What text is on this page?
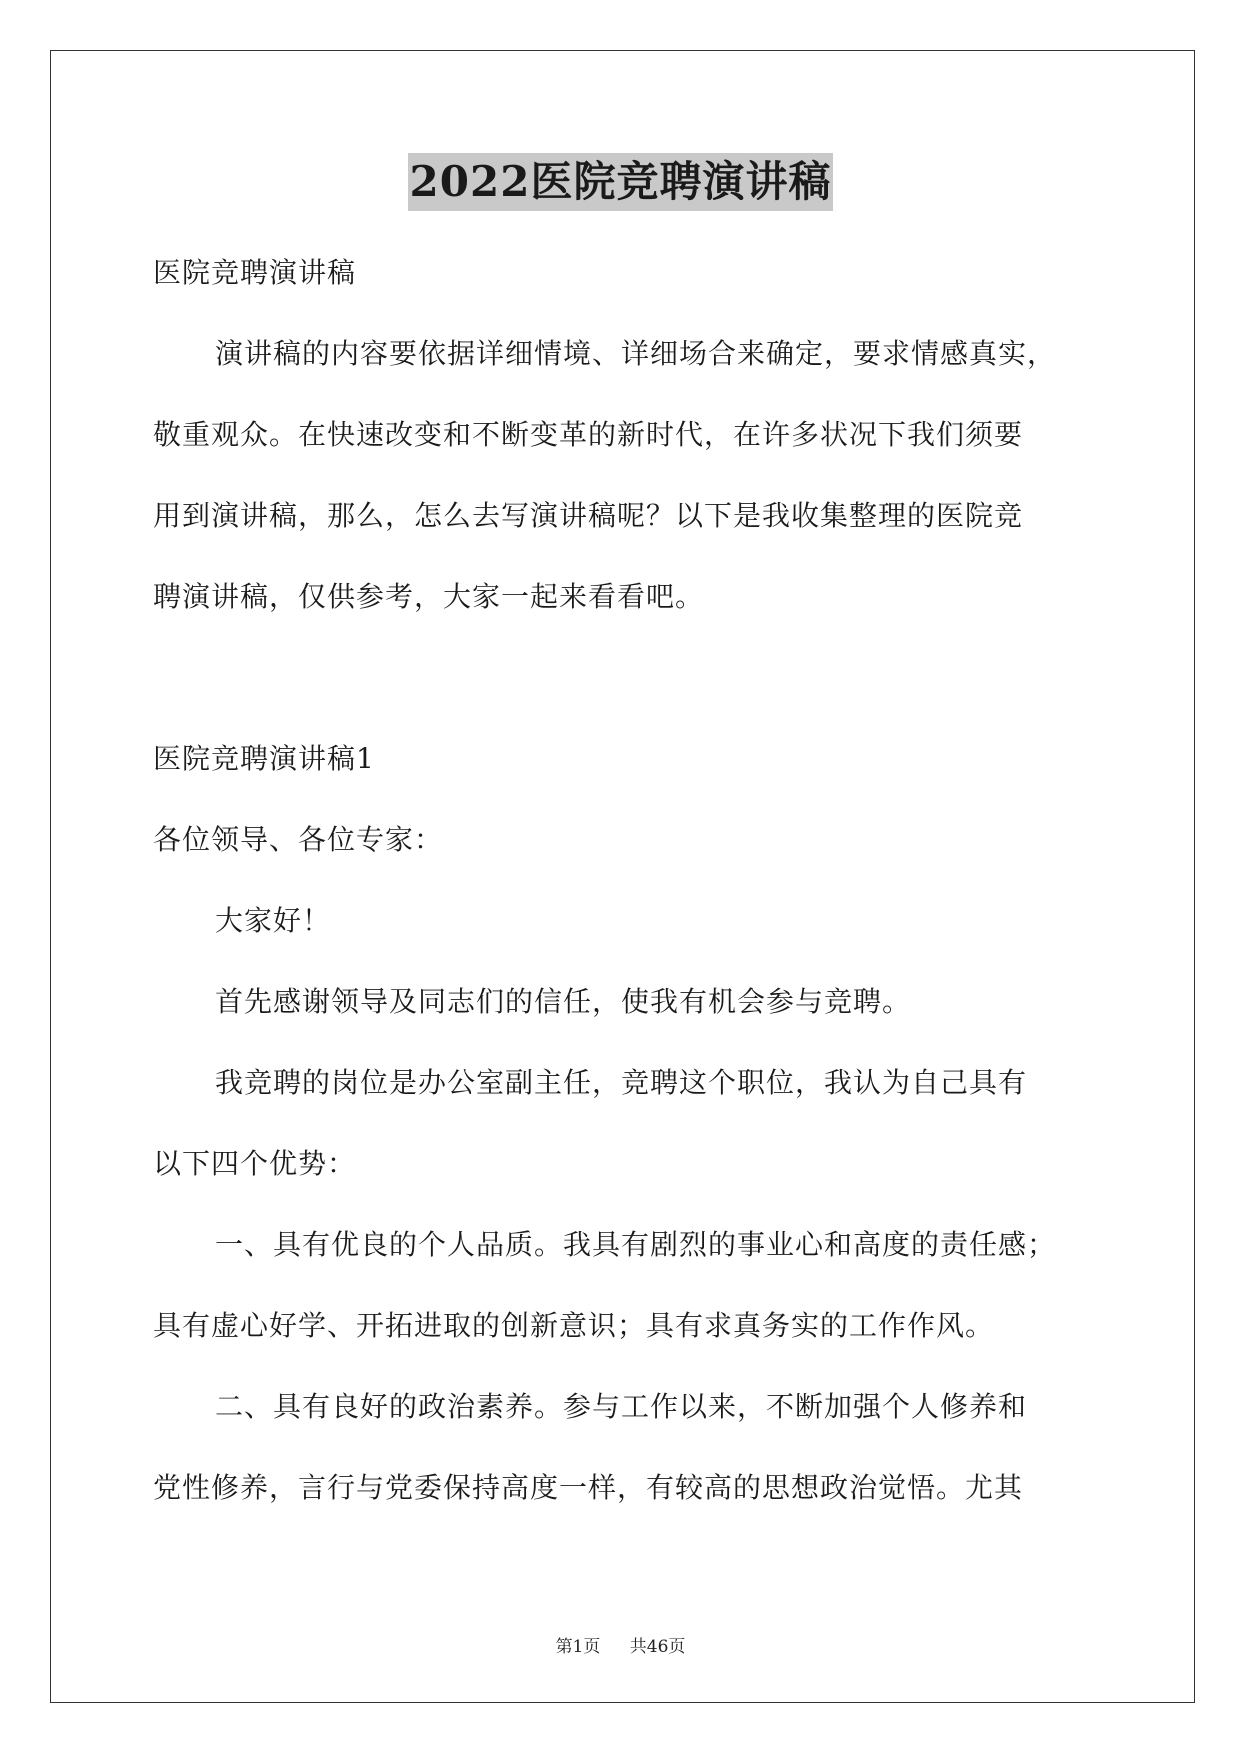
2022医院竞聘演讲稿
医院竞聘演讲稿
演讲稿的内容要依据详细情境、详细场合来确定，要求情感真实，
敬重观众。在快速改变和不断变革的新时代，在许多状况下我们须要
用到演讲稿，那么，怎么去写演讲稿呢？以下是我收集整理的医院竞
聘演讲稿，仅供参考，大家一起来看看吧。
医院竞聘演讲稿1
各位领导、各位专家：
大家好！
首先感谢领导及同志们的信任，使我有机会参与竞聘。
我竞聘的岗位是办公室副主任，竞聘这个职位，我认为自己具有
以下四个优势：
一、具有优良的个人品质。我具有剧烈的事业心和高度的责任感；
具有虚心好学、开拓进取的创新意识；具有求真务实的工作作风。
二、具有良好的政治素养。参与工作以来，不断加强个人修养和
党性修养，言行与党委保持高度一样，有较高的思想政治觉悟。尤其
第1页 共46页
